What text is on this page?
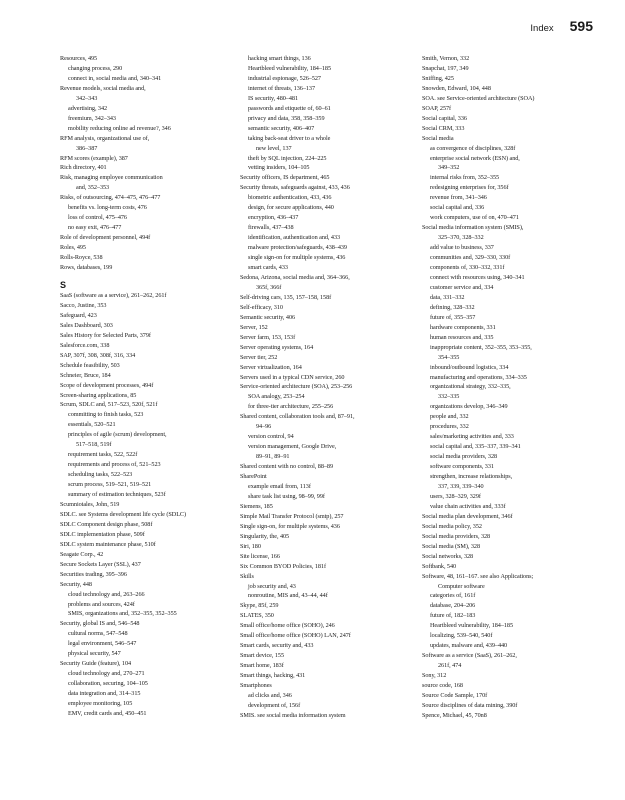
Index 595
Resources, 495
changing process, 290
connect in, social media and, 340–341
Revenue models, social media and,
342–343
advertising, 342
freemium, 342–343
mobility reducing online ad revenue?, 346
RFM analysis, organizational use of,
386–387
RFM scores (example), 387
Rich directory, 401
Risk, managing employee communication
and, 352–353
Risks, of outsourcing, 474–475, 476–477
benefits vs. long-term costs, 476
loss of control, 475–476
no easy exit, 476–477
Role of development personnel, 494f
Roles, 495
Rolls-Royce, 538
Rows, databases, 199
S
SaaS (software as a service), 261–262, 261f
Sacco, Justine, 353
Safeguard, 423
Sales Dashboard, 303
Sales History for Selected Parts, 379f
Salesforce.com, 338
SAP, 307f, 308, 308f, 316, 334
Schedule feasibility, 503
Schneier, Bruce, 184
Scope of development processes, 494f
Screen-sharing applications, 85
Scrum, SDLC and, 517–523, 520f, 521f
committing to finish tasks, 523
essentials, 520–521
principles of agile (scrum) development,
517–518, 519f
requirement tasks, 522, 522f
requirements and process of, 521–523
scheduling tasks, 522–523
scrum process, 519–521, 519–521
summary of estimation techniques, 523f
Scumniotales, John, 519
SDLC. see Systems development life cycle (SDLC)
SDLC Component design phase, 508f
SDLC implementation phase, 509f
SDLC system maintenance phase, 510f
Seagate Corp., 42
Secure Sockets Layer (SSL), 437
Securities trading, 395–396
Security, 448
cloud technology and, 263–266
problems and sources, 424f
SMIS, organizations and, 352–355, 352–355
Security, global IS and, 546–548
cultural norms, 547–548
legal environment, 546–547
physical security, 547
Security Guide (feature), 104
cloud technology and, 270–271
collaboration, securing, 104–105
data integration and, 314–315
employee monitoring, 105
EMV, credit cards and, 450–451
hacking smart things, 136
Heartbleed vulnerability, 184–185
industrial espionage, 526–527
internet of threats, 136–137
IS security, 480–481
passwords and etiquette of, 60–61
privacy and data, 358, 358–359
semantic security, 406–407
taking back-seat driver to a whole
new level, 137
theft by SQL injection, 224–225
vetting insiders, 104–105
Security officers, IS department, 465
Security threats, safeguards against, 433, 436
biometric authentication, 433, 436
design, for secure applications, 440
encryption, 436–437
firewalls, 437–438
identification, authentication and, 433
malware protection/safeguards, 438–439
single sign-on for multiple systems, 436
smart cards, 433
Sedona, Arizona, social media and, 364–366,
365f, 366f
Self-driving cars, 135, 157–158, 158f
Self-efficacy, 310
Semantic security, 406
Server, 152
Server farm, 153, 153f
Server operating systems, 164
Server tier, 252
Server virtualization, 164
Servers used in a typical CDN service, 260
Service-oriented architecture (SOA), 253–256
SOA analogy, 253–254
for three-tier architecture, 255–256
Shared content, collaboration tools and, 87–91,
94–96
version control, 94
version management, Google Drive,
89–91, 89–91
Shared content with no control, 88–89
SharePoint
example email from, 113f
share task list using, 98–99, 99f
Siemens, 185
Simple Mail Transfer Protocol (smtp), 257
Single sign-on, for multiple systems, 436
Singularity, the, 405
Siri, 180
Site license, 166
Six Common BYOD Policies, 181f
Skills
job security and, 43
nonroutine, MIS and, 43–44, 44f
Skype, 85f, 259
SLATES, 350
Small office/home office (SOHO), 246
Small office/home office (SOHO) LAN, 247f
Smart cards, security and, 433
Smart device, 155
Smart home, 183f
Smart things, hacking, 431
Smartphones
ad clicks and, 346
development of, 156f
SMIS. see social media information system
Smith, Vernon, 332
Snapchat, 197, 349
Sniffing, 425
Snowden, Edward, 104, 448
SOA. see Service-oriented architecture (SOA)
SOAP, 257f
Social capital, 336
Social CRM, 333
Social media
as convergence of disciplines, 328f
enterprise social network (ESN) and,
349–352
internal risks from, 352–355
redesigning enterprises for, 356f
revenue from, 341–346
social capital and, 336
work computers, use of on, 470–471
Social media information system (SMIS),
325–370, 328–332
add value to business, 337
communities and, 329–330, 330f
components of, 330–332, 331f
connect with resources using, 340–341
customer service and, 334
data, 331–332
defining, 328–332
future of, 355–357
hardware components, 331
human resources and, 335
inappropriate content, 352–355, 353–355,
354–355
inbound/outbound logistics, 334
manufacturing and operations, 334–335
organizational strategy, 332–335,
332–335
organizations develop, 346–349
people and, 332
procedures, 332
sales/marketing activities and, 333
social capital and, 335–337, 339–341
social media providers, 328
software components, 331
strengthen, increase relationships,
337, 339, 339–340
users, 328–329, 329f
value chain activities and, 333f
Social media plan development, 346f
Social media policy, 352
Social media providers, 328
Social media (SM), 328
Social networks, 328
Softbank, 540
Software, 48, 161–167. see also Applications;
Computer software
categories of, 161f
database, 204–206
future of, 182–183
Heartbleed vulnerability, 184–185
localizing, 539–540, 540f
updates, malware and, 439–440
Software as a service (SaaS), 261–262,
261f, 474
Sony, 312
source code, 168
Source Code Sample, 170f
Source disciplines of data mining, 390f
Spence, Michael, 45, 70n8
